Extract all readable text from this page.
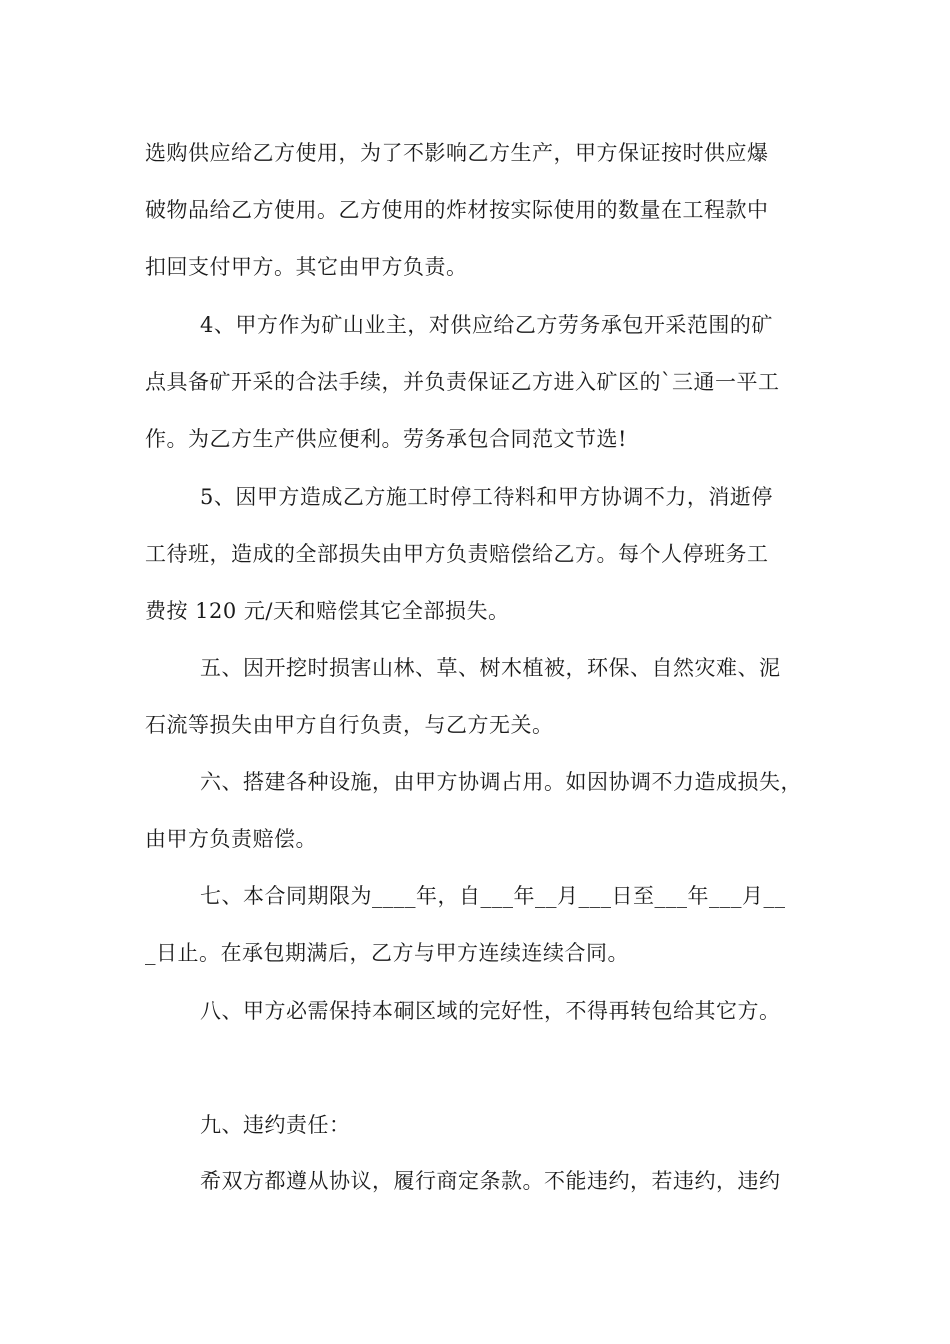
选购供应给乙方使用，为了不影响乙方生产，甲方保证按时供应爆
破物品给乙方使用。乙方使用的炸材按实际使用的数量在工程款中
扣回支付甲方。其它由甲方负责。
4、甲方作为矿山业主，对供应给乙方劳务承包开采范围的矿
点具备矿开采的合法手续，并负责保证乙方进入矿区的`三通一平工
作。为乙方生产供应便利。劳务承包合同范文节选!
5、因甲方造成乙方施工时停工待料和甲方协调不力，消逝停
工待班，造成的全部损失由甲方负责赔偿给乙方。每个人停班务工
费按 120 元/天和赔偿其它全部损失。
五、因开挖时损害山林、草、树木植被，环保、自然灾难、泥
石流等损失由甲方自行负责，与乙方无关。
六、搭建各种设施，由甲方协调占用。如因协调不力造成损失，
由甲方负责赔偿。
七、本合同期限为____年，自___年__月___日至___年___月__
_日止。在承包期满后，乙方与甲方连续连续合同。
八、甲方必需保持本硐区域的完好性，不得再转包给其它方。
九、违约责任：
希双方都遵从协议，履行商定条款。不能违约，若违约，违约
